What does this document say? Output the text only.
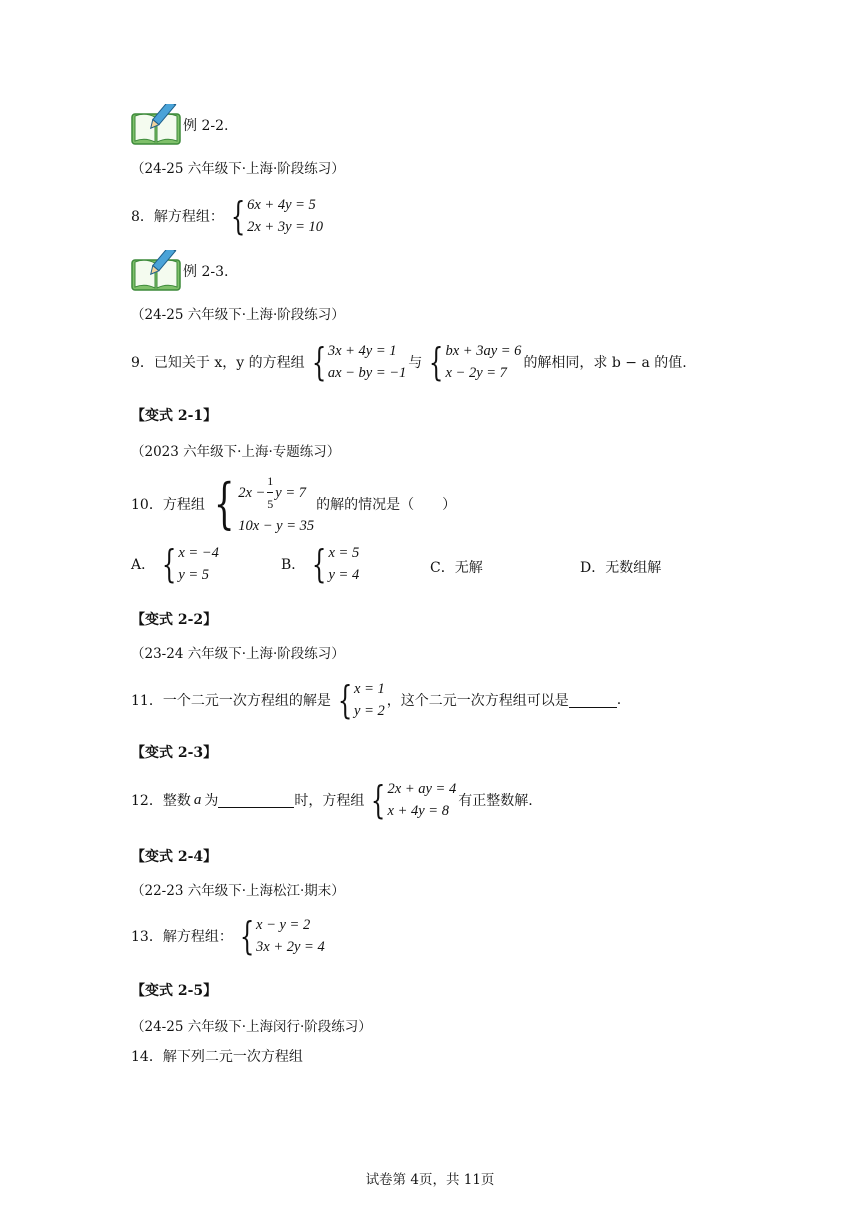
例 2-2.
（24-25 六年级下·上海·阶段练习）
8．解方程组： { 6x + 4y = 5
2x + 3y = 10
例 2-3.
（24-25 六年级下·上海·阶段练习）
9．已知关于 x，y 的方程组 { 3x + 4y = 1
ax − by = −1
与 { bx + 3ay = 6
x − 2y = 7
的解相同，求 b − a 的值.
【变式 2-1】
（2023 六年级下·上海·专题练习）
10．方程组 { $2x - \frac{1}{5}$ y = 7
10x − y = 35
的解的情况是（　　）
A． { x = −4
y = 5
B． { x = 5
y = 4	C． 无解	D． 无数组解
【变式 2-2】
（23-24 六年级下·上海·阶段练习）
11．一个二元一次方程组的解是 { x = 1
y = 2
，这个二元一次方程组可以是	.
【变式 2-3】
12．整数 a 为	时，方程组 { 2x + ay = 4
x + 4y = 8
有正整数解.
【变式 2-4】
（22-23 六年级下·上海松江·期末）
13．解方程组： { x − y = 2
3x + 2y = 4
【变式 2-5】
（24-25 六年级下·上海闵行·阶段练习）
14．解下列二元一次方程组
试卷第 4页，共 11页
